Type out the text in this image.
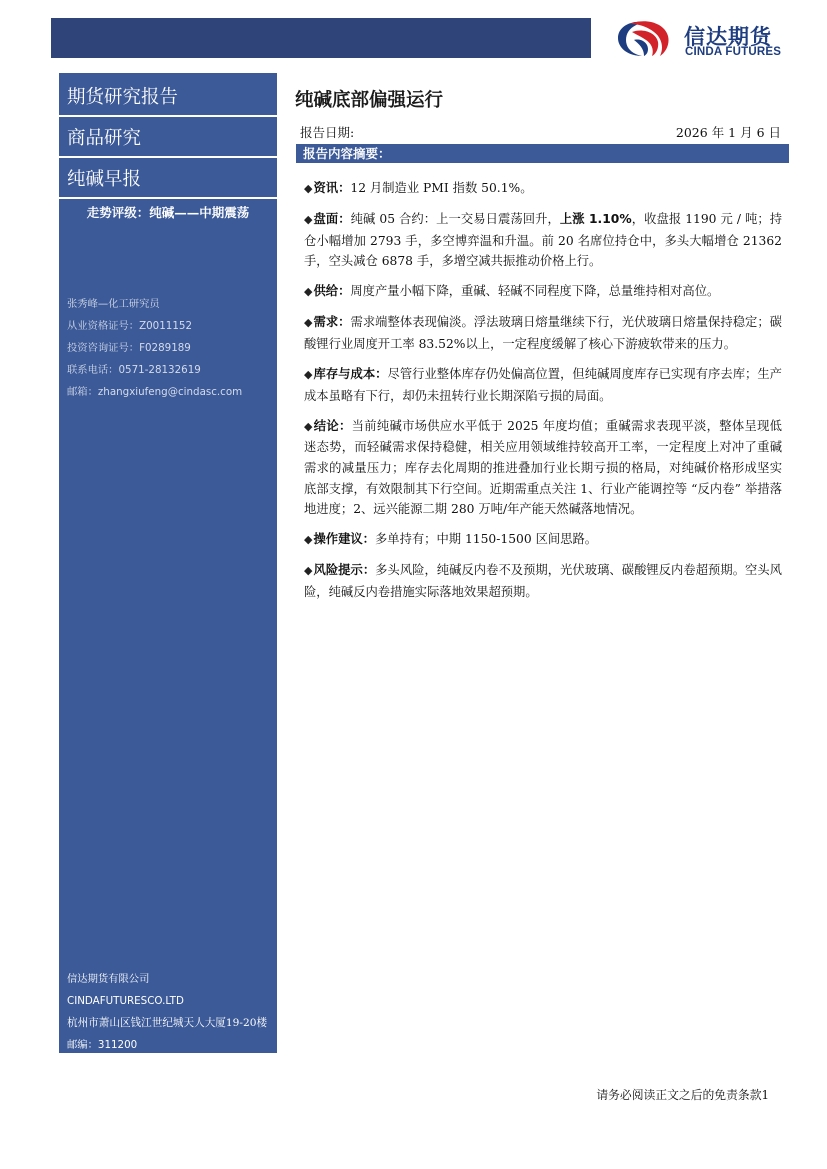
信达期货
CINDA FUTURES
期货研究报告
商品研究
纯碱早报
走势评级：纯碱——中期震荡
张秀峰—化工研究员
从业资格证号：Z0011152
投资咨询证号：F0289189
联系电话：0571-28132619
邮箱：zhangxiufeng@cindasc.com
信达期货有限公司
CINDAFUTURESCO.LTD
杭州市萧山区钱江世纪城天人大厦19-20楼
邮编：311200
纯碱底部偏强运行
报告日期:	2026 年 1 月 6 日
报告内容摘要：
◆资讯：12 月制造业 PMI 指数 50.1%。
◆盘面：纯碱 05 合约：上一交易日震荡回升，上涨 1.10%，收盘报 1190 元 / 吨；持仓小幅增加 2793 手，多空博弈温和升温。前 20 名席位持仓中，多头大幅增仓 21362 手，空头减仓 6878 手，多增空减共振推动价格上行。
◆供给：周度产量小幅下降，重碱、轻碱不同程度下降，总量维持相对高位。
◆需求：需求端整体表现偏淡。浮法玻璃日熔量继续下行，光伏玻璃日熔量保持稳定；碳酸锂行业周度开工率 83.52%以上，一定程度缓解了核心下游疲软带来的压力。
◆库存与成本：尽管行业整体库存仍处偏高位置，但纯碱周度库存已实现有序去库；生产成本虽略有下行，却仍未扭转行业长期深陷亏损的局面。
◆结论：当前纯碱市场供应水平低于 2025 年度均值；重碱需求表现平淡，整体呈现低迷态势，而轻碱需求保持稳健，相关应用领域维持较高开工率，一定程度上对冲了重碱需求的减量压力；库存去化周期的推进叠加行业长期亏损的格局，对纯碱价格形成坚实底部支撑，有效限制其下行空间。近期需重点关注 1、行业产能调控等 “反内卷” 举措落地进度；2、远兴能源二期 280 万吨/年产能天然碱落地情况。
◆操作建议：多单持有；中期 1150-1500 区间思路。
◆风险提示：多头风险，纯碱反内卷不及预期，光伏玻璃、碳酸锂反内卷超预期。空头风险，纯碱反内卷措施实际落地效果超预期。
请务必阅读正文之后的免责条款1
